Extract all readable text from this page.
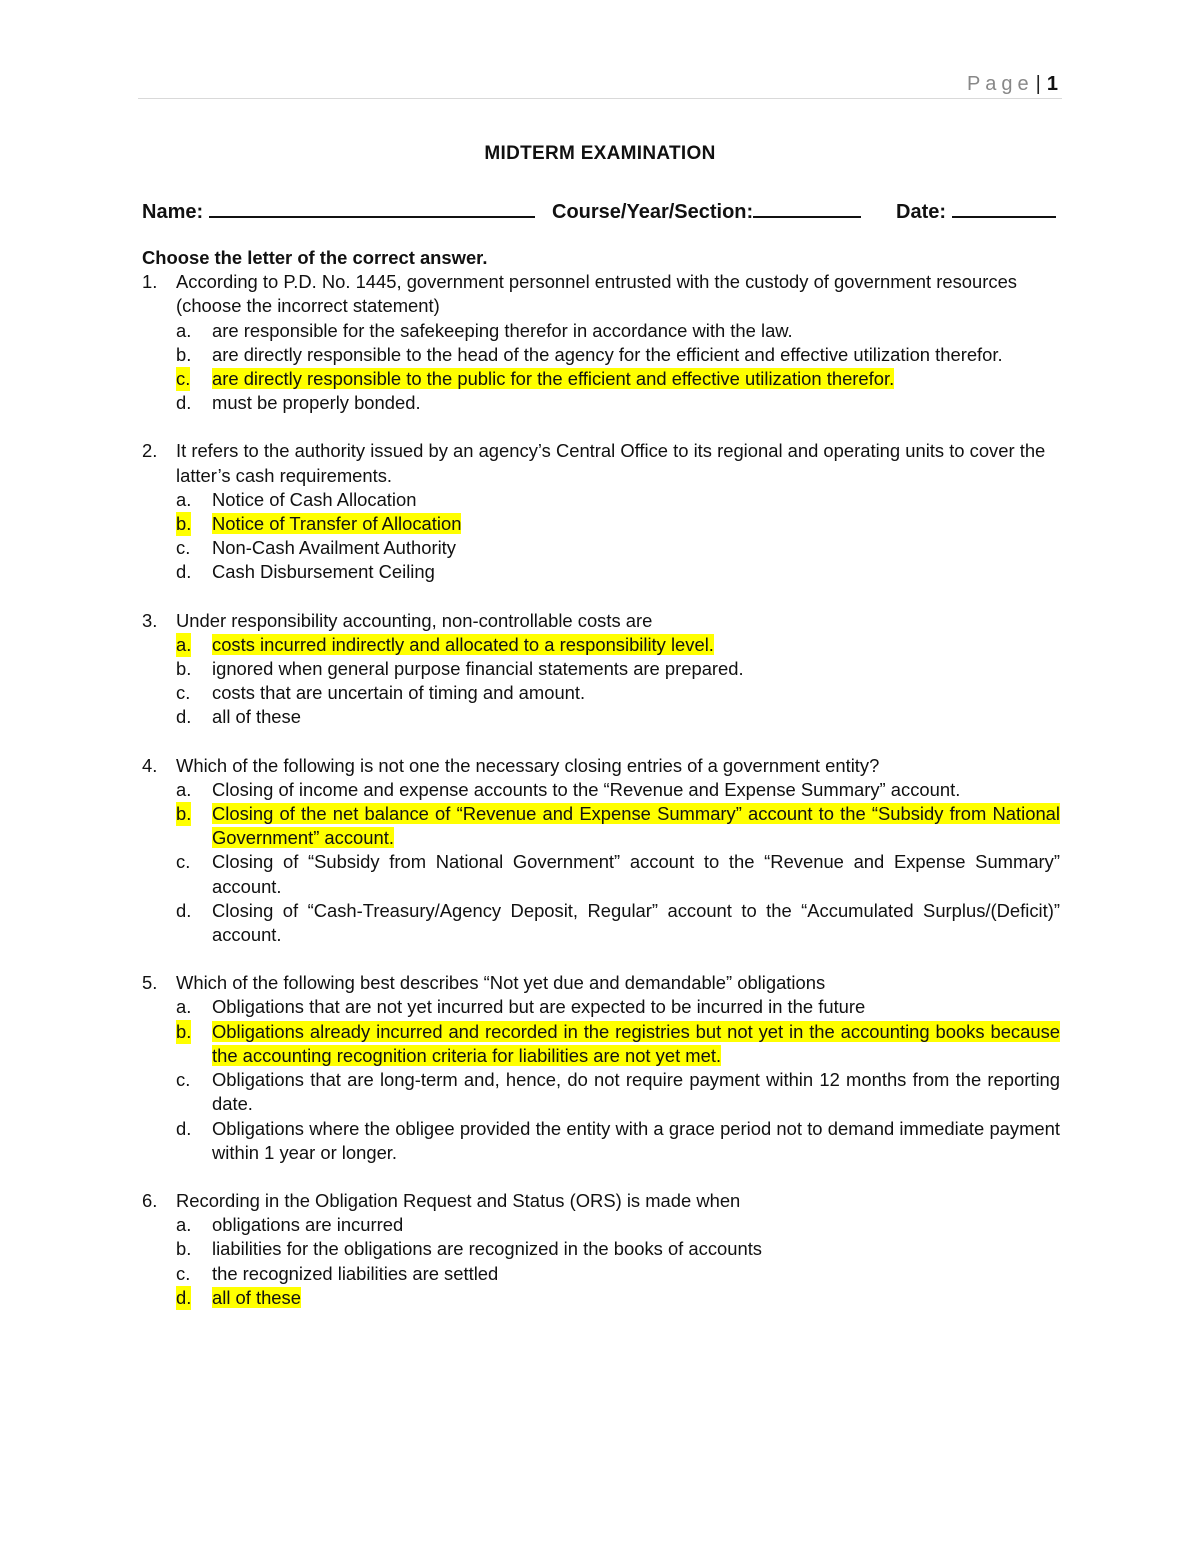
Page | 1
MIDTERM EXAMINATION
Name:	Course/Year/Section:	Date:
Choose the letter of the correct answer.
1. According to P.D. No. 1445, government personnel entrusted with the custody of government resources (choose the incorrect statement)
a. are responsible for the safekeeping therefor in accordance with the law.
b. are directly responsible to the head of the agency for the efficient and effective utilization therefor.
c. are directly responsible to the public for the efficient and effective utilization therefor.
d. must be properly bonded.
2. It refers to the authority issued by an agency’s Central Office to its regional and operating units to cover the latter’s cash requirements.
a. Notice of Cash Allocation
b. Notice of Transfer of Allocation
c. Non-Cash Availment Authority
d. Cash Disbursement Ceiling
3. Under responsibility accounting, non-controllable costs are
a. costs incurred indirectly and allocated to a responsibility level.
b. ignored when general purpose financial statements are prepared.
c. costs that are uncertain of timing and amount.
d. all of these
4. Which of the following is not one the necessary closing entries of a government entity?
a. Closing of income and expense accounts to the “Revenue and Expense Summary” account.
b. Closing of the net balance of “Revenue and Expense Summary” account to the “Subsidy from National Government” account.
c. Closing of “Subsidy from National Government” account to the “Revenue and Expense Summary” account.
d. Closing of “Cash-Treasury/Agency Deposit, Regular” account to the “Accumulated Surplus/(Deficit)” account.
5. Which of the following best describes “Not yet due and demandable” obligations
a. Obligations that are not yet incurred but are expected to be incurred in the future
b. Obligations already incurred and recorded in the registries but not yet in the accounting books because the accounting recognition criteria for liabilities are not yet met.
c. Obligations that are long-term and, hence, do not require payment within 12 months from the reporting date.
d. Obligations where the obligee provided the entity with a grace period not to demand immediate payment within 1 year or longer.
6. Recording in the Obligation Request and Status (ORS) is made when
a. obligations are incurred
b. liabilities for the obligations are recognized in the books of accounts
c. the recognized liabilities are settled
d. all of these
